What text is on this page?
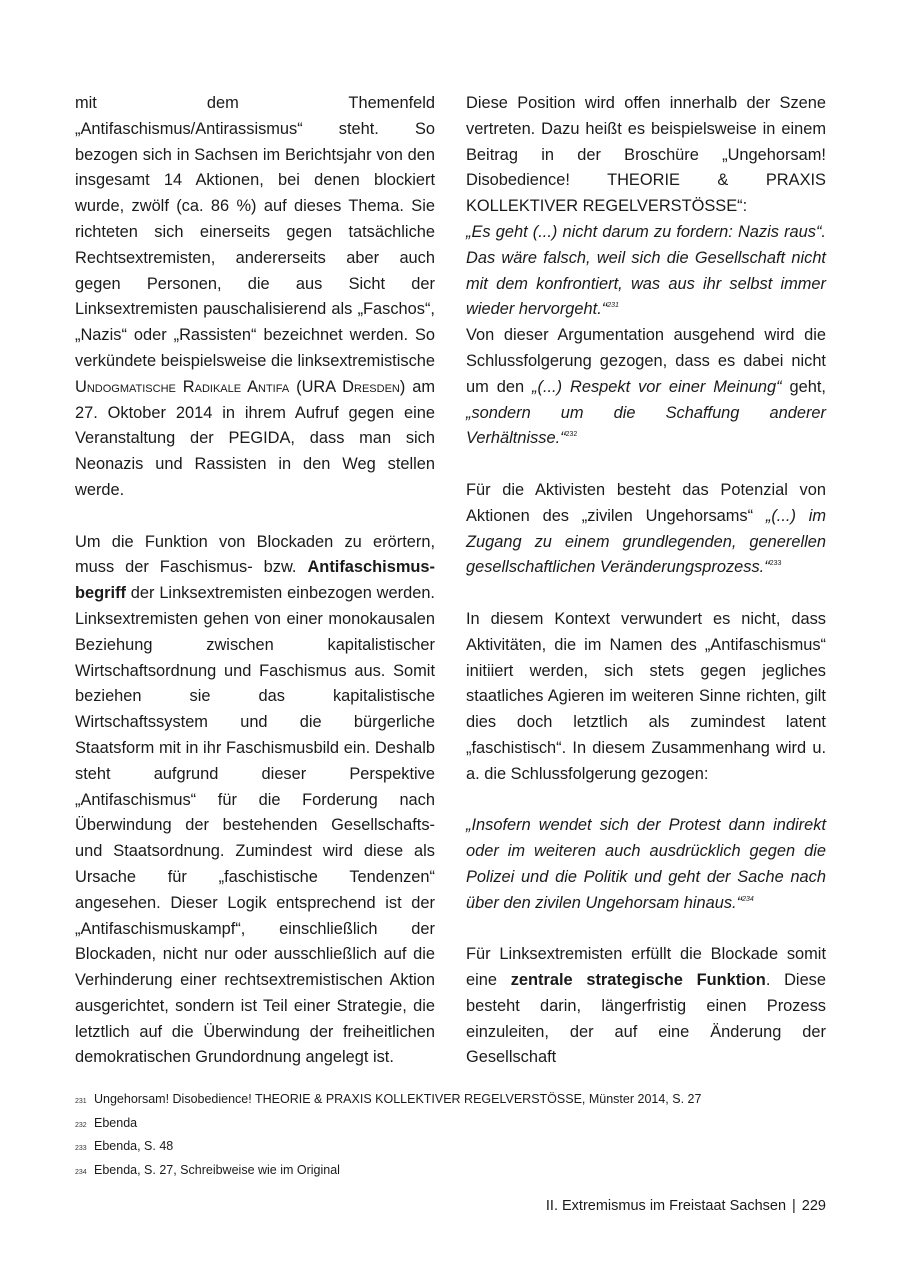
mit dem Themenfeld „Antifaschismus/Antirassismus“ steht. So bezogen sich in Sachsen im Berichtsjahr von den insgesamt 14 Aktionen, bei denen blockiert wurde, zwölf (ca. 86 %) auf dieses Thema. Sie richteten sich einerseits gegen tatsächliche Rechtsextremisten, andererseits aber auch gegen Personen, die aus Sicht der Linksextremisten pauschalisierend als „Faschos“, „Nazis“ oder „Rassisten“ bezeichnet werden. So verkündete beispielsweise die linksextremistische Undogmatische Radikale Antifa (URA Dresden) am 27. Oktober 2014 in ihrem Aufruf gegen eine Veranstaltung der PEGIDA, dass man sich Neonazis und Rassisten in den Weg stellen werde.

Um die Funktion von Blockaden zu erörtern, muss der Faschismus- bzw. Antifaschismusbegriff der Linksextremisten einbezogen werden. Linksextremisten gehen von einer monokausalen Beziehung zwischen kapitalistischer Wirtschaftsordnung und Faschismus aus. Somit beziehen sie das kapitalistische Wirtschaftssystem und die bürgerliche Staatsform mit in ihr Faschismusbild ein. Deshalb steht aufgrund dieser Perspektive „Antifaschismus“ für die Forderung nach Überwindung der bestehenden Gesellschafts- und Staatsordnung. Zumindest wird diese als Ursache für „faschistische Tendenzen“ angesehen. Dieser Logik entsprechend ist der „Antifaschismuskampf“, einschließlich der Blockaden, nicht nur oder ausschließlich auf die Verhinderung einer rechtsextremistischen Aktion ausgerichtet, sondern ist Teil einer Strategie, die letztlich auf die Überwindung der freiheitlichen demokratischen Grundordnung angelegt ist.

Diese Position wird offen innerhalb der Szene vertreten. Dazu heißt es beispielsweise in einem Beitrag in der Broschüre „Ungehorsam! Disobedience! THEORIE & PRAXIS KOLLEKTIVER REGELVERSTÖSSE“:

„Es geht (...) nicht darum zu fordern: Nazis raus“. Das wäre falsch, weil sich die Gesellschaft nicht mit dem konfrontiert, was aus ihr selbst immer wieder hervorgeht.“$^{231}$

Von dieser Argumentation ausgehend wird die Schlussfolgerung gezogen, dass es dabei nicht um den „(...) Respekt vor einer Meinung“ geht, „sondern um die Schaffung anderer Verhältnisse.“$^{232}$

Für die Aktivisten besteht das Potenzial von Aktionen des „zivilen Ungehorsams“ „(...) im Zugang zu einem grundlegenden, generellen gesellschaftlichen Veränderungsprozess.“$^{233}$

In diesem Kontext verwundert es nicht, dass Aktivitäten, die im Namen des „Antifaschismus“ initiiert werden, sich stets gegen jegliches staatliches Agieren im weiteren Sinne richten, gilt dies doch letztlich als zumindest latent „faschistisch“. In diesem Zusammenhang wird u. a. die Schlussfolgerung gezogen:

„Insofern wendet sich der Protest dann indirekt oder im weiteren auch ausdrücklich gegen die Polizei und die Politik und geht der Sache nach über den zivilen Ungehorsam hinaus.“$^{234}$

Für Linksextremisten erfüllt die Blockade somit eine zentrale strategische Funktion. Diese besteht darin, längerfristig einen Prozess einzuleiten, der auf eine Änderung der Gesellschaft

231 Ungehorsam! Disobedience! THEORIE & PRAXIS KOLLEKTIVER REGELVERSTÖSSE, Münster 2014, S. 27
232 Ebenda
233 Ebenda, S. 48
234 Ebenda, S. 27, Schreibweise wie im Original
II. Extremismus im Freistaat Sachsen | 229
